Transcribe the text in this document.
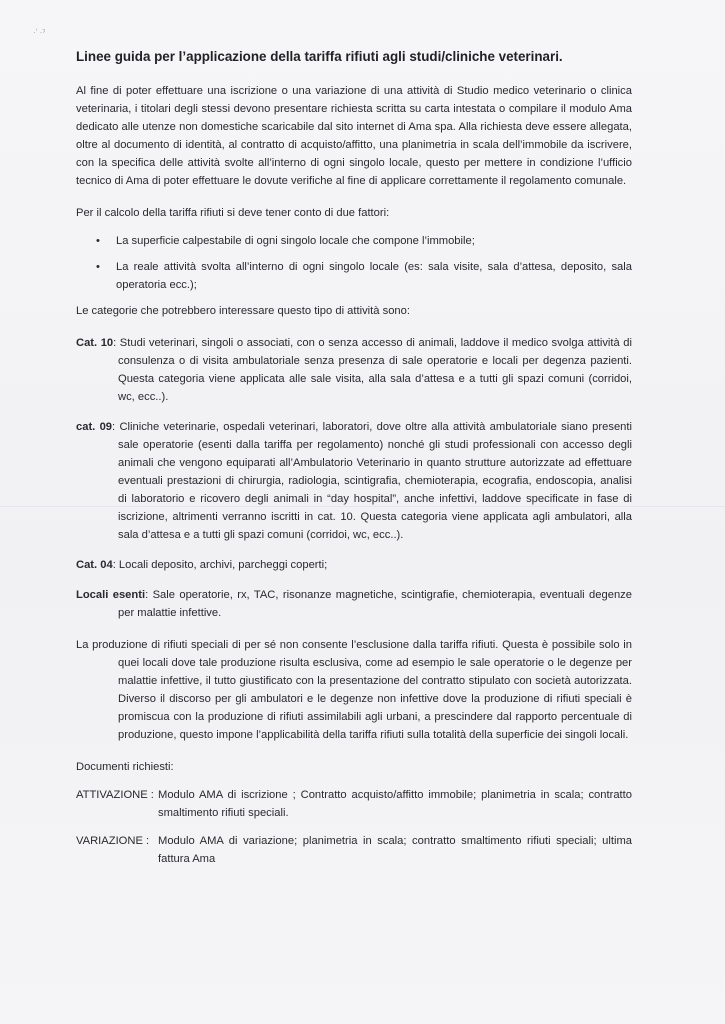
·ʼ ·ˀ
Linee guida per l’applicazione della tariffa rifiuti agli studi/cliniche veterinari.

Al fine di poter effettuare una iscrizione o una variazione di una attività di Studio medico veterinario o clinica veterinaria, i titolari degli stessi devono presentare richiesta scritta su carta intestata o compilare il modulo Ama dedicato alle utenze non domestiche scaricabile dal sito internet di Ama spa. Alla richiesta deve essere allegata, oltre al documento di identità, al contratto di acquisto/affitto, una planimetria in scala dell’immobile da iscrivere, con la specifica delle attività svolte all’interno di ogni singolo locale, questo per mettere in condizione l’ufficio tecnico di Ama di poter effettuare le dovute verifiche al fine di applicare correttamente il regolamento comunale.

Per il calcolo della tariffa rifiuti si deve tener conto di due fattori:

• La superficie calpestabile di ogni singolo locale che compone l’immobile;
• La reale attività svolta all’interno di ogni singolo locale (es: sala visite, sala d’attesa, deposito, sala operatoria ecc.);

Le categorie che potrebbero interessare questo tipo di attività sono:

Cat. 10: Studi veterinari, singoli o associati, con o senza accesso di animali, laddove il medico svolga attività di consulenza o di visita ambulatoriale senza presenza di sale operatorie e locali per degenza pazienti. Questa categoria viene applicata alle sale visita, alla sala d’attesa e a tutti gli spazi comuni (corridoi, wc, ecc..).

cat. 09: Cliniche veterinarie, ospedali veterinari, laboratori, dove oltre alla attività ambulatoriale siano presenti sale operatorie (esenti dalla tariffa per regolamento) nonché gli studi professionali con accesso degli animali che vengono equiparati all’Ambulatorio Veterinario in quanto strutture autorizzate ad effettuare eventuali prestazioni di chirurgia, radiologia, scintigrafia, chemioterapia, ecografia, endoscopia, analisi di laboratorio e ricovero degli animali in “day hospital”, anche infettivi, laddove specificate in fase di iscrizione, altrimenti verranno iscritti in cat. 10. Questa categoria viene applicata agli ambulatori, alla sala d’attesa e a tutti gli spazi comuni (corridoi, wc, ecc..).

Cat. 04: Locali deposito, archivi, parcheggi coperti;

Locali esenti: Sale operatorie, rx, TAC, risonanze magnetiche, scintigrafie, chemioterapia, eventuali degenze per malattie infettive.

La produzione di rifiuti speciali di per sé non consente l’esclusione dalla tariffa rifiuti. Questa è possibile solo in quei locali dove tale produzione risulta esclusiva, come ad esempio le sale operatorie o le degenze per malattie infettive, il tutto giustificato con la presentazione del contratto stipulato con società autorizzata. Diverso il discorso per gli ambulatori e le degenze non infettive dove la produzione di rifiuti speciali è promiscua con la produzione di rifiuti assimilabili agli urbani, a prescindere dal rapporto percentuale di produzione, questo impone l’applicabilità della tariffa rifiuti sulla totalità della superficie dei singoli locali.

Documenti richiesti:

ATTIVAZIONE : Modulo AMA di iscrizione ; Contratto acquisto/affitto immobile; planimetria in scala; contratto smaltimento rifiuti speciali.
VARIAZIONE : Modulo AMA di variazione; planimetria in scala; contratto smaltimento rifiuti speciali; ultima fattura Ama
